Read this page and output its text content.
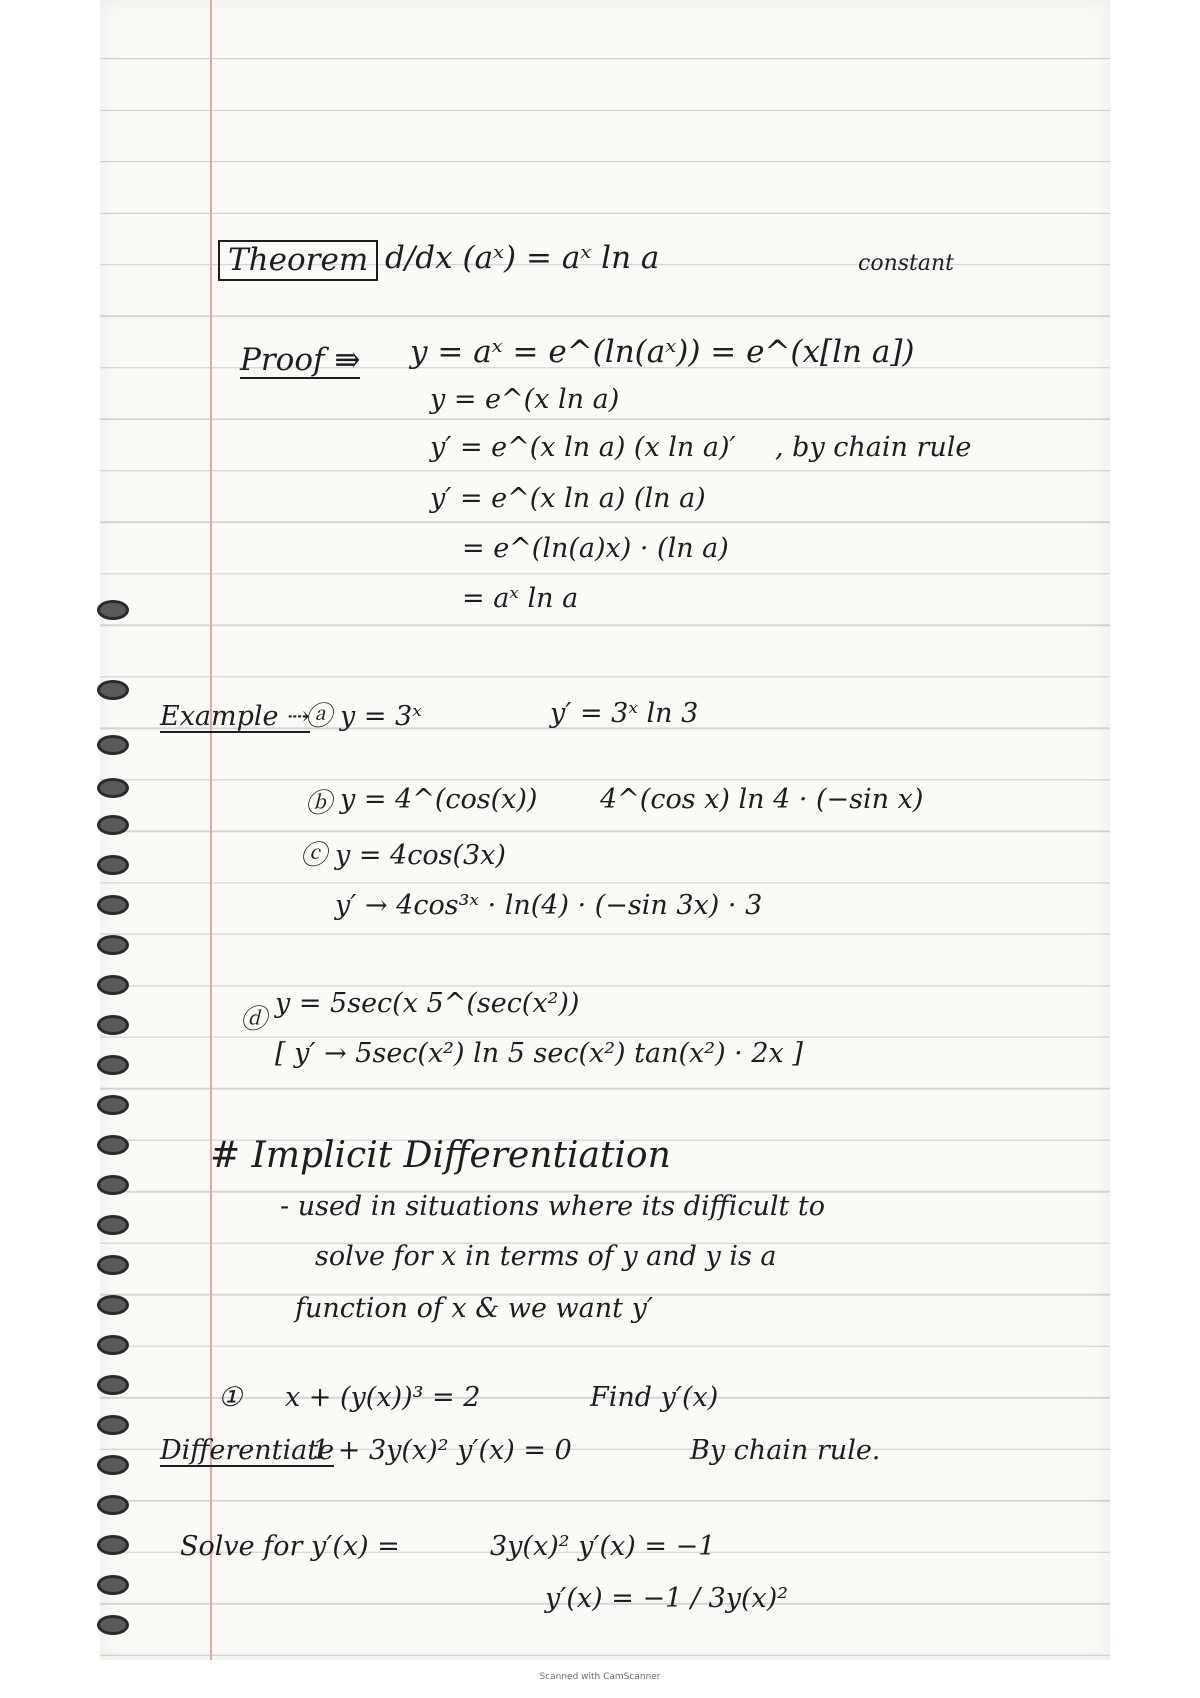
Theorem d/dx (aˣ) = aˣ ln a	constant
Proof ⇛ y = aˣ = e^(ln(aˣ)) = e^(x[ln a])
y = e^(x ln a)
y′ = e^(x ln a) (x ln a)′ , by chain rule
y′ = e^(x ln a) (ln a)
= e^(ln(a)x) · (ln a)
= aˣ ln a
Example ⇢
ⓐ y = 3ˣ	y′ = 3ˣ ln 3
ⓑ y = 4^(cos(x)) 4^(cos x) ln 4 · (−sin x)
ⓒ y = 4cos(3x)
y′ → 4cos³ˣ · ln(4) · (−sin 3x) · 3
ⓓ
y = 5sec(x 5^(sec(x²))
[ y′ → 5sec(x²) ln 5 sec(x²) tan(x²) · 2x ]
# Implicit Differentiation
- used in situations where its difficult to
solve for x in terms of y and y is a
function of x & we want y′
① x + (y(x))³ = 2	Find y′(x)
Differentiate
1 + 3y(x)² y′(x) = 0	By chain rule.
Solve for y′(x) =	3y(x)² y′(x) = −1
y′(x) = −1 / 3y(x)²
Scanned with CamScanner
